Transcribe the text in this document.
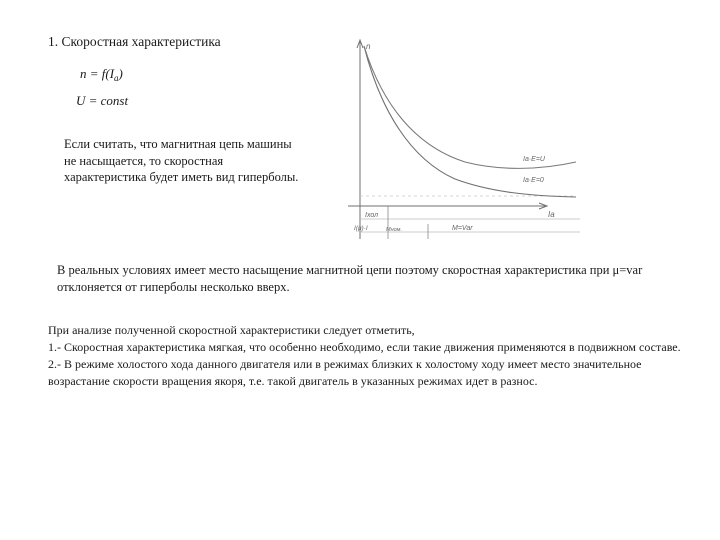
1. Скоростная характеристика
$n = f(I_a)$
U = const
Если считать, что магнитная цепь машины не насыщается, то скоростная характеристика будет иметь вид гиперболы.
n
Ia
Ia·E=U
Ia·E=0
Iхол
I(μ)·I	Mном.	M=Var
В реальных условиях имеет место насыщение магнитной цепи поэтому скоростная характеристика при μ=var отклоняется от гиперболы несколько вверх.

При анализе полученной скоростной характеристики следует отметить,

1.- Скоростная характеристика мягкая, что особенно необходимо, если такие движения применяются в подвижном составе.

2.- В режиме холостого хода данного двигателя или в режимах близких к холостому ходу имеет место значительное возрастание скорости вращения якоря, т.е. такой двигатель в указанных режимах идет в разнос.
